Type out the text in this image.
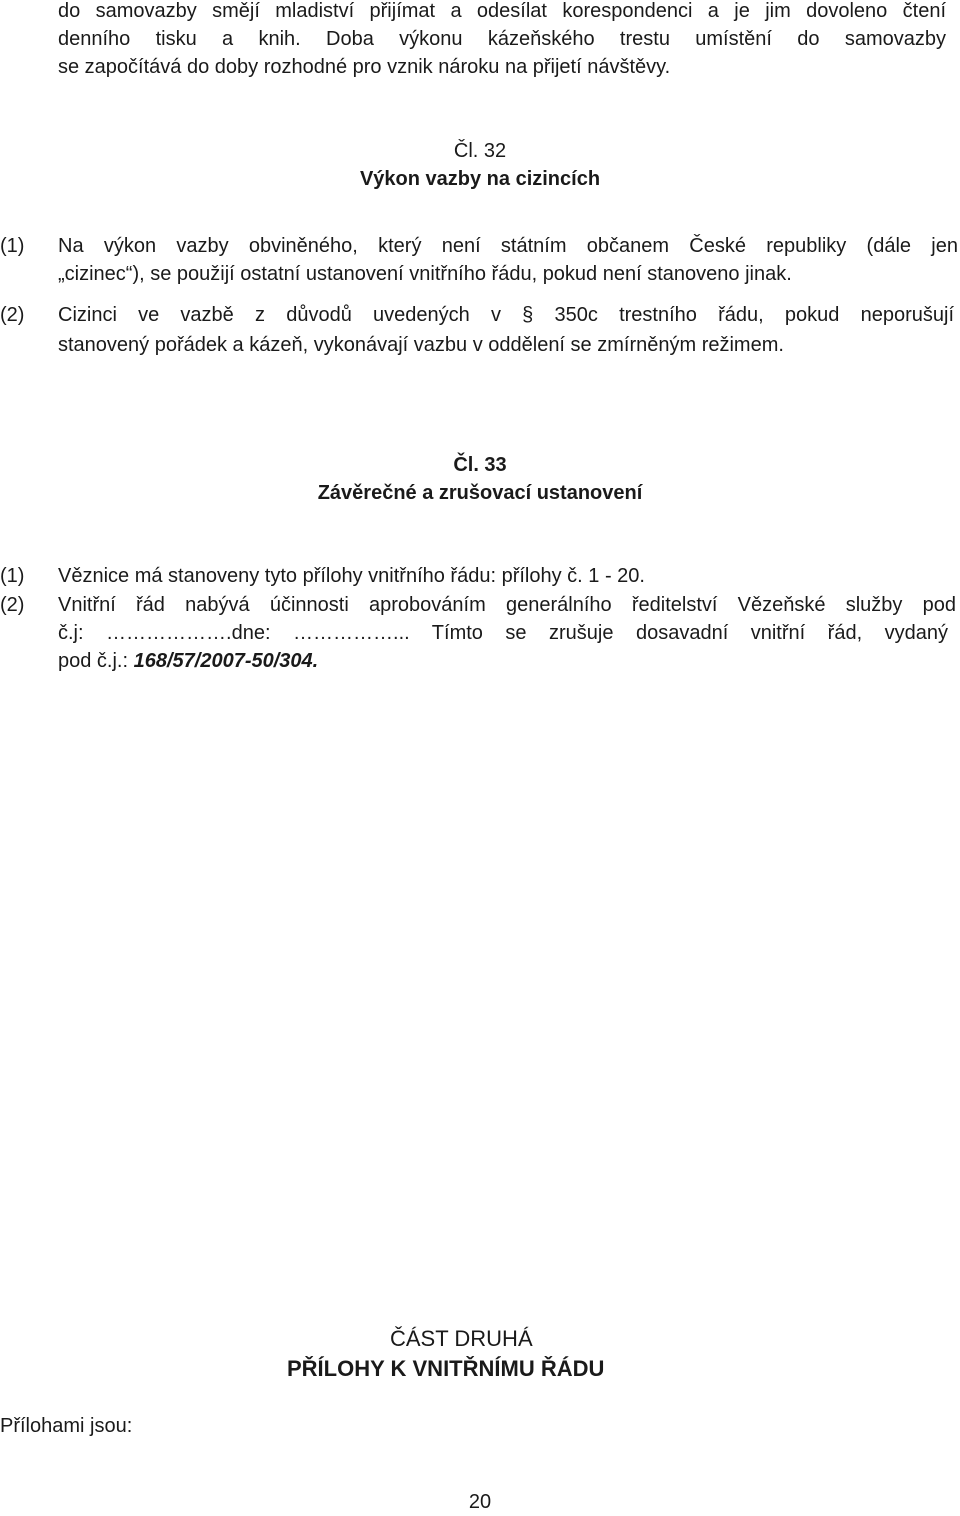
do samovazby smějí mladiství přijímat a odesílat korespondenci a je jim dovoleno čtení

denního tisku a knih. Doba výkonu kázeňského trestu umístění do samovazby

se započítává do doby rozhodné pro vznik nároku na přijetí návštěvy.

Čl. 32

Výkon vazby na cizincích

(1) Na výkon vazby obviněného, který není státním občanem České republiky (dále jen

„cizinec“), se použijí ostatní ustanovení vnitřního řádu, pokud není stanoveno jinak.

(2) Cizinci ve vazbě z důvodů uvedených v § 350c trestního řádu, pokud neporušují

stanovený pořádek a kázeň, vykonávají vazbu v oddělení se zmírněným režimem.

Čl. 33

Závěrečné a zrušovací ustanovení

(1) Věznice má stanoveny tyto přílohy vnitřního řádu: přílohy č. 1 - 20.

(2) Vnitřní řád nabývá účinnosti aprobováním generálního ředitelství Vězeňské služby pod

č.j: ……………….dne: ……………... Tímto se zrušuje dosavadní vnitřní řád, vydaný

pod č.j.: 168/57/2007-50/304.

ČÁST DRUHÁ

PŘÍLOHY K VNITŘNÍMU ŘÁDU

Přílohami jsou:

20
